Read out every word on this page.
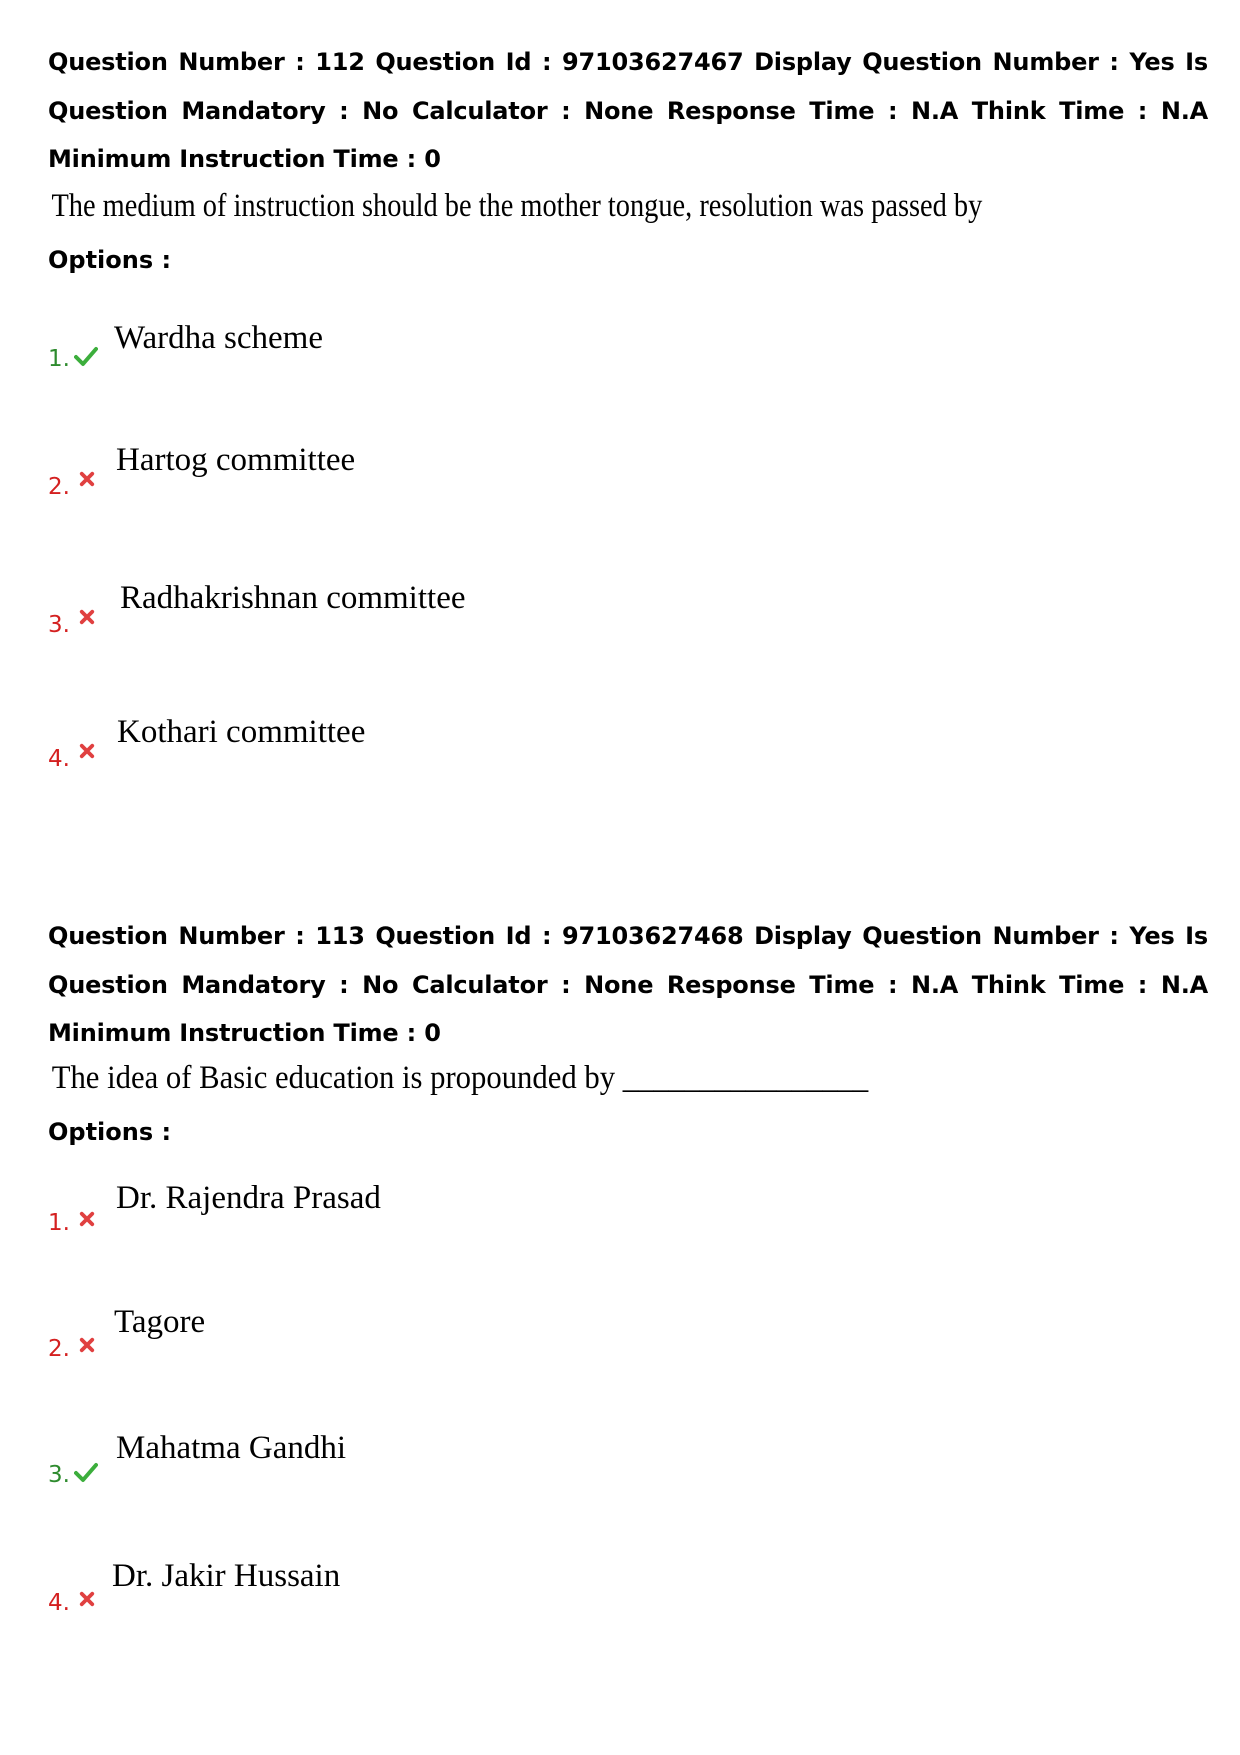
Question Number : 112 Question Id : 97103627467 Display Question Number : Yes Is Question Mandatory : No Calculator : None Response Time : N.A Think Time : N.A Minimum Instruction Time : 0

The medium of instruction should be the mother tongue, resolution was passed by

Options :

1.
Wardha scheme
2.
Hartog committee
3.
Radhakrishnan committee
4.
Kothari committee

Question Number : 113 Question Id : 97103627468 Display Question Number : Yes Is Question Mandatory : No Calculator : None Response Time : N.A Think Time : N.A Minimum Instruction Time : 0

The idea of Basic education is propounded by ________________

Options :

1.
Dr. Rajendra Prasad
2.
Tagore
3.
Mahatma Gandhi
4.
Dr. Jakir Hussain
